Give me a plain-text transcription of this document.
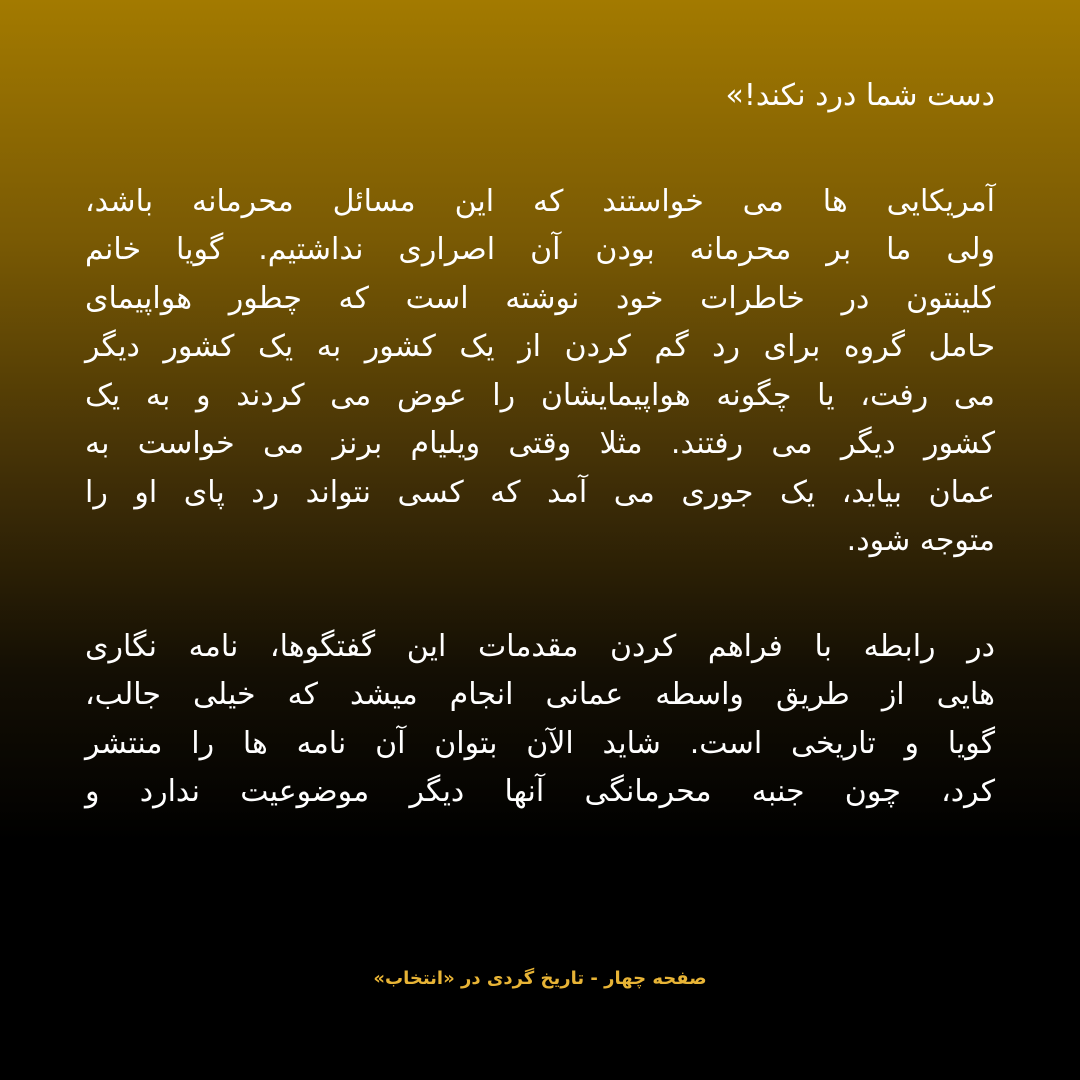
دست شما درد نکند!»
آمریکایی ها می خواستند که این مسائل محرمانه باشد،
ولی ما بر محرمانه بودن آن اصراری نداشتیم. گویا خانم
کلینتون در خاطرات خود نوشته است که چطور هواپیمای
حامل گروه برای رد گم کردن از یک کشور به یک کشور دیگر
می رفت، یا چگونه هواپیمایشان را عوض می کردند و به یک
کشور دیگر می رفتند. مثلا وقتی ویلیام برنز می خواست به
عمان بیاید، یک جوری می آمد که کسی نتواند رد پای او را
متوجه شود.
در رابطه با فراهم کردن مقدمات این گفتگوها، نامه نگاری
هایی از طریق واسطه عمانی انجام میشد که خیلی جالب،
گویا و تاریخی است. شاید الآن بتوان آن نامه ها را منتشر
کرد، چون جنبه محرمانگی آنها دیگر موضوعیت ندارد و
صفحه چهار - تاریخ گردی در «انتخاب»
